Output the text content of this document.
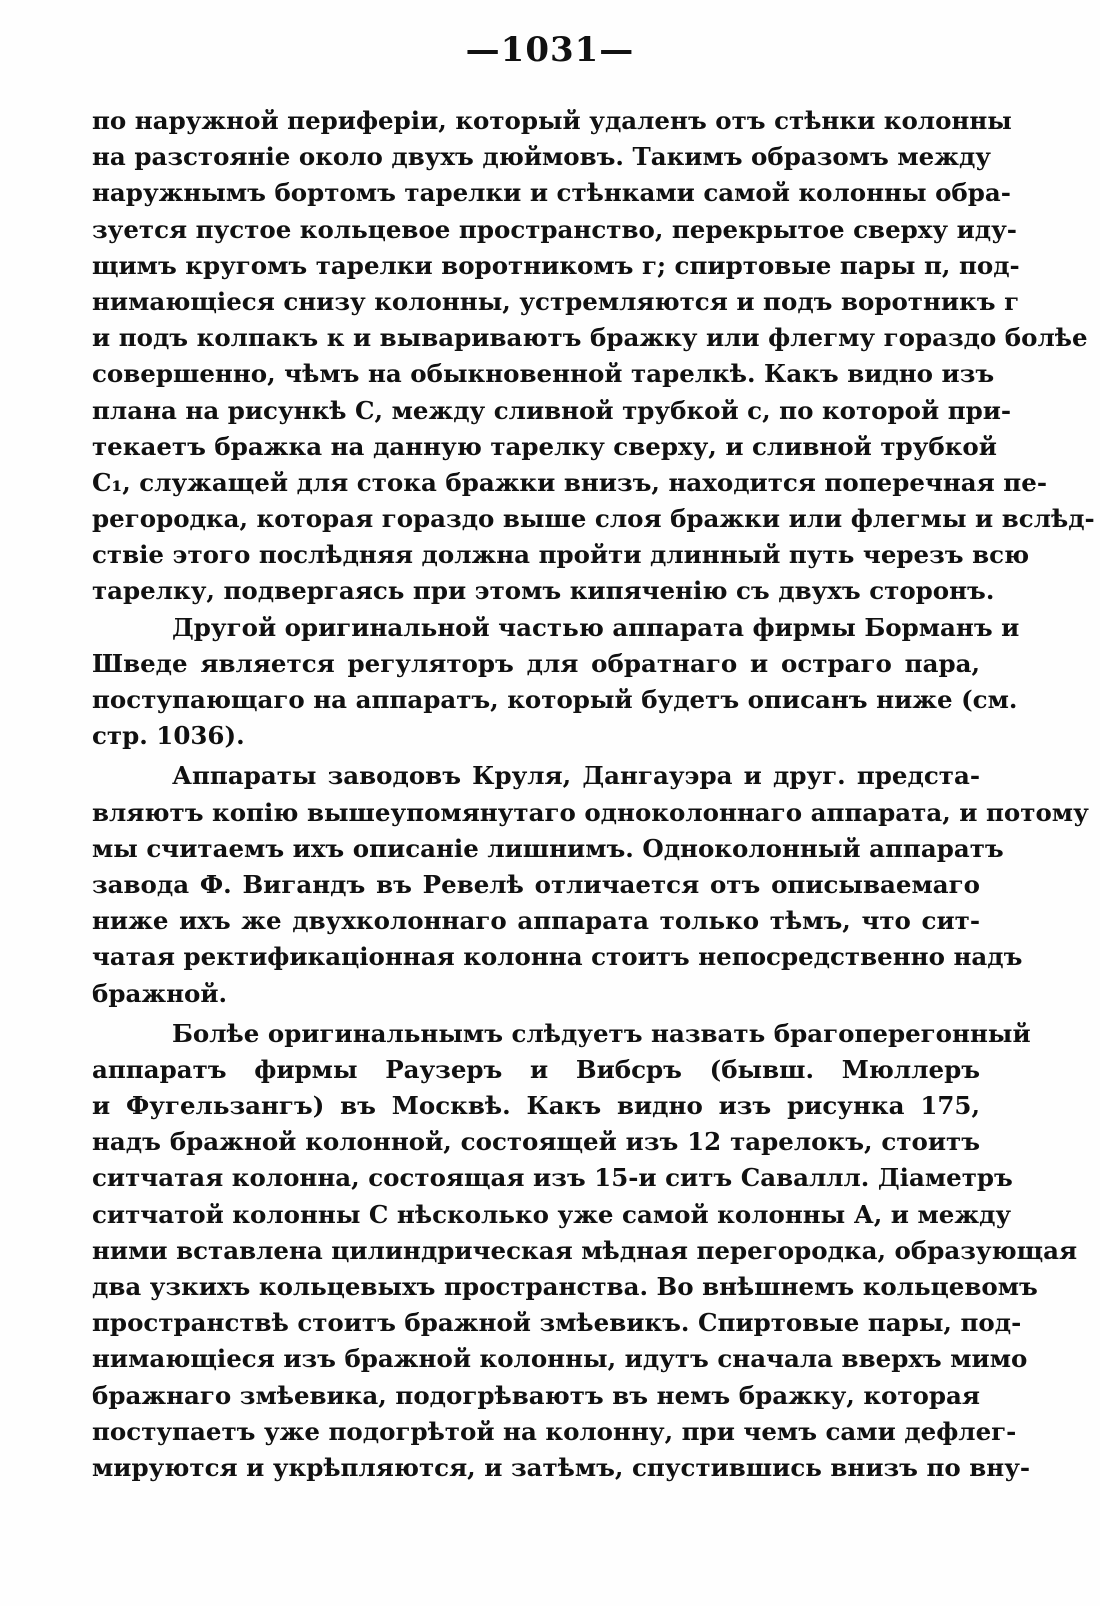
—1031—
по наружной периферіи, который удаленъ отъ стѣнки колонны
на разстояніе около двухъ дюймовъ. Такимъ образомъ между
наружнымъ бортомъ тарелки и стѣнками самой колонны обра-
зуется пустое кольцевое пространство, перекрытое сверху иду-
щимъ кругомъ тарелки воротникомъ г; спиртовые пары п, под-
нимающіеся снизу колонны, устремляются и подъ воротникъ г
и подъ колпакъ к и вывариваютъ бражку или флегму гораздо болѣе
совершенно, чѣмъ на обыкновенной тарелкѣ. Какъ видно изъ
плана на рисункѣ С, между сливной трубкой с, по которой при-
текаетъ бражка на данную тарелку сверху, и сливной трубкой
С₁, служащей для стока бражки внизъ, находится поперечная пе-
регородка, которая гораздо выше слоя бражки или флегмы и вслѣд-
ствіе этого послѣдняя должна пройти длинный путь черезъ всю
тарелку, подвергаясь при этомъ кипяченію съ двухъ сторонъ.
Другой оригинальной частью аппарата фирмы Борманъ и
Шведе является регуляторъ для обратнаго и остраго пара,
поступающаго на аппаратъ, который будетъ описанъ ниже (см.
стр. 1036).
Аппараты заводовъ Круля, Дангауэра и друг. предста-
вляютъ копію вышеупомянутаго одноколоннаго аппарата, и потому
мы считаемъ ихъ описаніе лишнимъ. Одноколонный аппаратъ
завода Ф. Вигандъ въ Ревелѣ отличается отъ описываемаго
ниже ихъ же двухколоннаго аппарата только тѣмъ, что сит-
чатая ректификаціонная колонна стоитъ непосредственно надъ
бражной.
Болѣе оригинальнымъ слѣдуетъ назвать брагоперегонный
аппаратъ фирмы Раузеръ и Вибсръ (бывш. Мюллеръ
и Фугельзангъ) въ Москвѣ. Какъ видно изъ рисунка 175,
надъ бражной колонной, состоящей изъ 12 тарелокъ, стоитъ
ситчатая колонна, состоящая изъ 15-и ситъ Саваллл. Діаметръ
ситчатой колонны С нѣсколько уже самой колонны А, и между
ними вставлена цилиндрическая мѣдная перегородка, образующая
два узкихъ кольцевыхъ пространства. Во внѣшнемъ кольцевомъ
пространствѣ стоитъ бражной змѣевикъ. Спиртовые пары, под-
нимающіеся изъ бражной колонны, идутъ сначала вверхъ мимо
бражнаго змѣевика, подогрѣваютъ въ немъ бражку, которая
поступаетъ уже подогрѣтой на колонну, при чемъ сами дефлег-
мируются и укрѣпляются, и затѣмъ, спустившись внизъ по вну-
